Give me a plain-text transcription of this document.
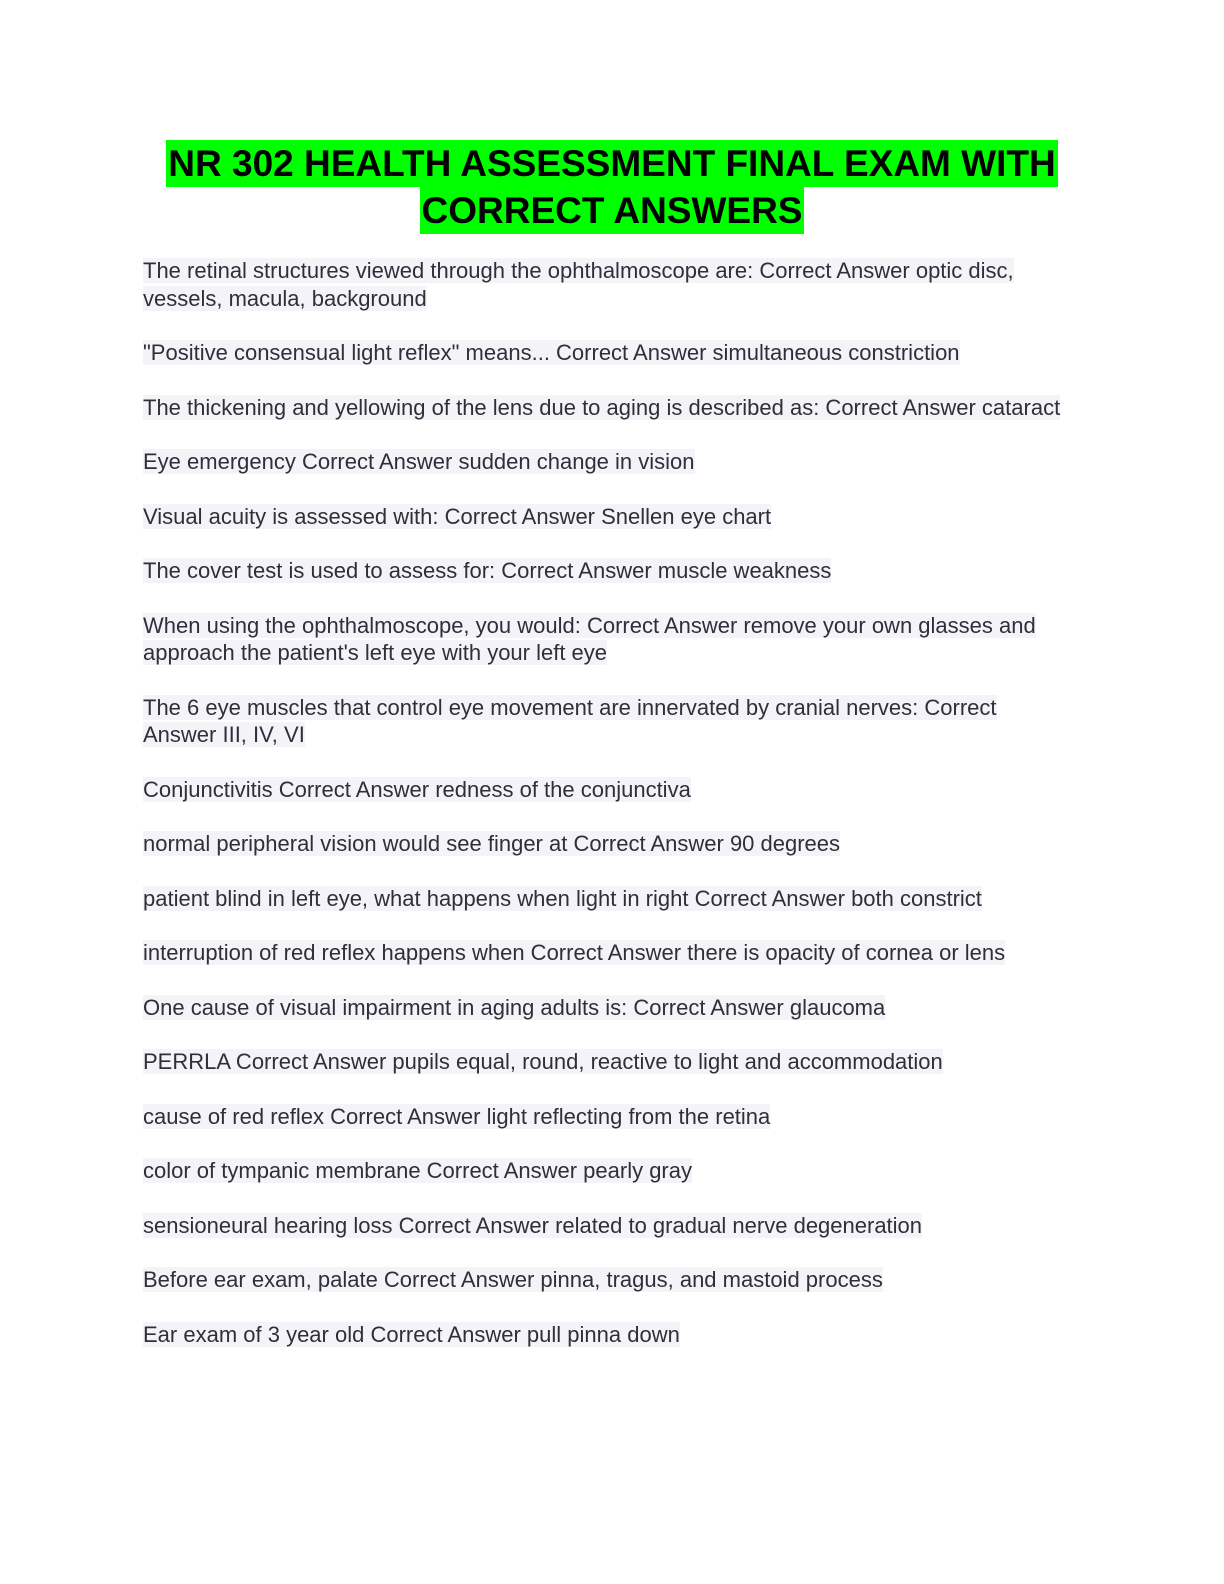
NR 302 HEALTH ASSESSMENT FINAL EXAM WITH
CORRECT ANSWERS
The retinal structures viewed through the ophthalmoscope are: Correct Answer optic disc, vessels, macula, background
"Positive consensual light reflex" means... Correct Answer simultaneous constriction
The thickening and yellowing of the lens due to aging is described as: Correct Answer cataract
Eye emergency Correct Answer sudden change in vision
Visual acuity is assessed with: Correct Answer Snellen eye chart
The cover test is used to assess for: Correct Answer muscle weakness
When using the ophthalmoscope, you would: Correct Answer remove your own glasses and approach the patient's left eye with your left eye
The 6 eye muscles that control eye movement are innervated by cranial nerves: Correct Answer III, IV, VI
Conjunctivitis Correct Answer redness of the conjunctiva
normal peripheral vision would see finger at Correct Answer 90 degrees
patient blind in left eye, what happens when light in right Correct Answer both constrict
interruption of red reflex happens when Correct Answer there is opacity of cornea or lens
One cause of visual impairment in aging adults is: Correct Answer glaucoma
PERRLA Correct Answer pupils equal, round, reactive to light and accommodation
cause of red reflex Correct Answer light reflecting from the retina
color of tympanic membrane Correct Answer pearly gray
sensioneural hearing loss Correct Answer related to gradual nerve degeneration
Before ear exam, palate Correct Answer pinna, tragus, and mastoid process
Ear exam of 3 year old Correct Answer pull pinna down
